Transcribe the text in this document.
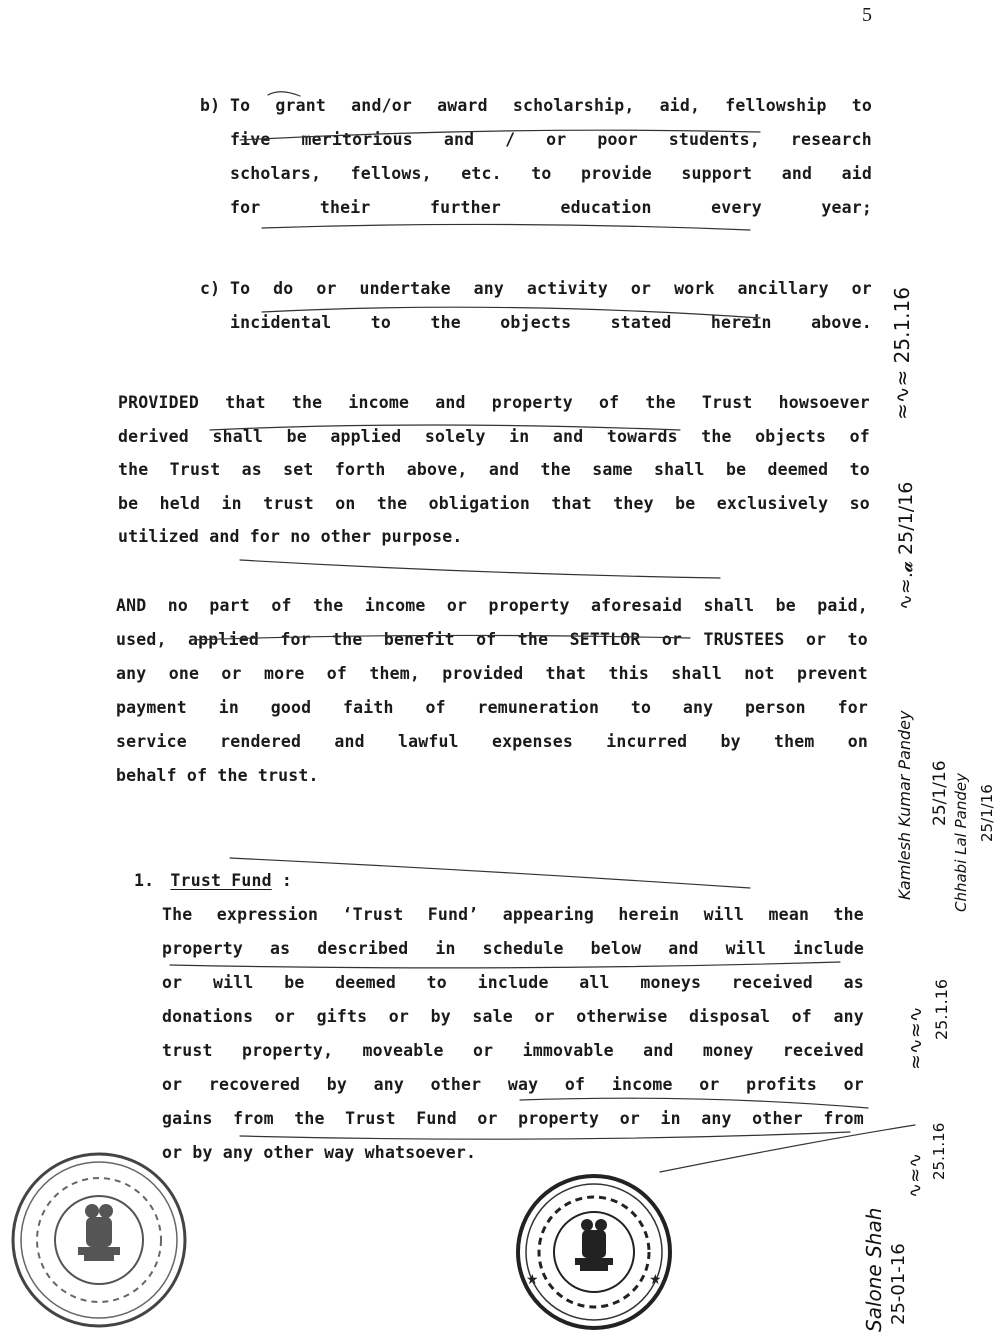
5
b) To grant and/or award scholarship, aid, fellowship to
five meritorious and / or poor students, research
scholars, fellows, etc. to provide support and aid
for	their	further	education	every	year;
c) To do or undertake any activity or work ancillary or
incidental to the objects stated herein above.
PROVIDED that the income and property of the Trust howsoever
derived shall be applied solely in and towards the objects of
the Trust as set forth above, and the same shall be deemed to
be held in trust on the obligation that they be exclusively so
utilized and for no other purpose.
AND no part of the income or property aforesaid shall be paid,
used, applied for the benefit of the SETTLOR or TRUSTEES or to
any one or more of them, provided that this shall not prevent
payment in good faith of remuneration to any person for
service rendered and lawful expenses incurred by them on
behalf of the trust.
1. Trust Fund :
The expression ‘Trust Fund’ appearing herein will mean the
property as described in schedule below and will include
or will be deemed to include all moneys received as
donations or gifts or by sale or otherwise disposal of any
trust property, moveable or immovable and money received
or recovered by any other way of income or profits or
gains from the Trust Fund or property or in any other from
or by any other way whatsoever.
≈∿≈ 25.1.16
∿≈.𝓪 25/1/16
Kamlesh Kumar Pandey 25/1/16 Chhabi Lal Pandey 25/1/16
≈∿≈∿ 25.1.16
∿≈∿ 25.1.16
Salone Shah 25-01-16
★
★
